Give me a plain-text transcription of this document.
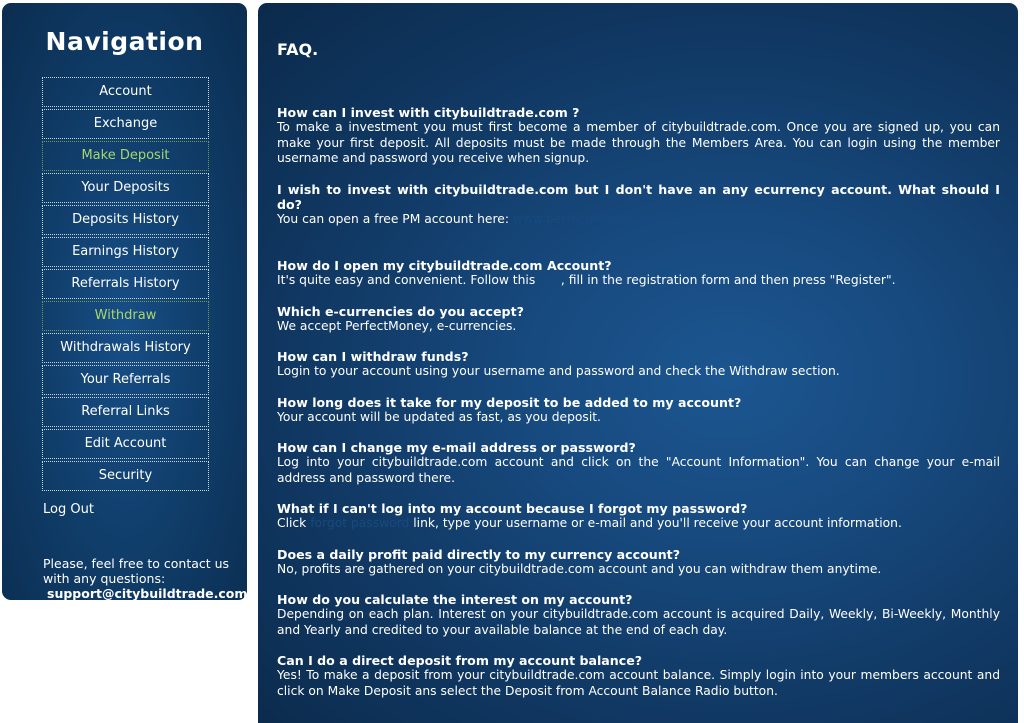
Navigation
Account
Exchange
Make Deposit
Your Deposits
Deposits History
Earnings History
Referrals History
Withdraw
Withdrawals History
Your Referrals
Referral Links
Edit Account
Security
Log Out
Please, feel free to contact us with any questions:
support@citybuildtrade.com
FAQ.
How can I invest with citybuildtrade.com ?
To make a investment you must first become a member of citybuildtrade.com. Once you are signed up, you can make your first deposit. All deposits must be made through the Members Area. You can login using the member username and password you receive when signup.
I wish to invest with citybuildtrade.com but I don't have an any ecurrency account. What should I do?
You can open a free PM account here: www.perfectmoney.com
How do I open my citybuildtrade.com Account?
It's quite easy and convenient. Follow this link, fill in the registration form and then press "Register".
Which e-currencies do you accept?
We accept PerfectMoney, e-currencies.
How can I withdraw funds?
Login to your account using your username and password and check the Withdraw section.
How long does it take for my deposit to be added to my account?
Your account will be updated as fast, as you deposit.
How can I change my e-mail address or password?
Log into your citybuildtrade.com account and click on the "Account Information". You can change your e-mail address and password there.
What if I can't log into my account because I forgot my password?
Click forgot password link, type your username or e-mail and you'll receive your account information.
Does a daily profit paid directly to my currency account?
No, profits are gathered on your citybuildtrade.com account and you can withdraw them anytime.
How do you calculate the interest on my account?
Depending on each plan. Interest on your citybuildtrade.com account is acquired Daily, Weekly, Bi-Weekly, Monthly and Yearly and credited to your available balance at the end of each day.
Can I do a direct deposit from my account balance?
Yes! To make a deposit from your citybuildtrade.com account balance. Simply login into your members account and click on Make Deposit ans select the Deposit from Account Balance Radio button.
